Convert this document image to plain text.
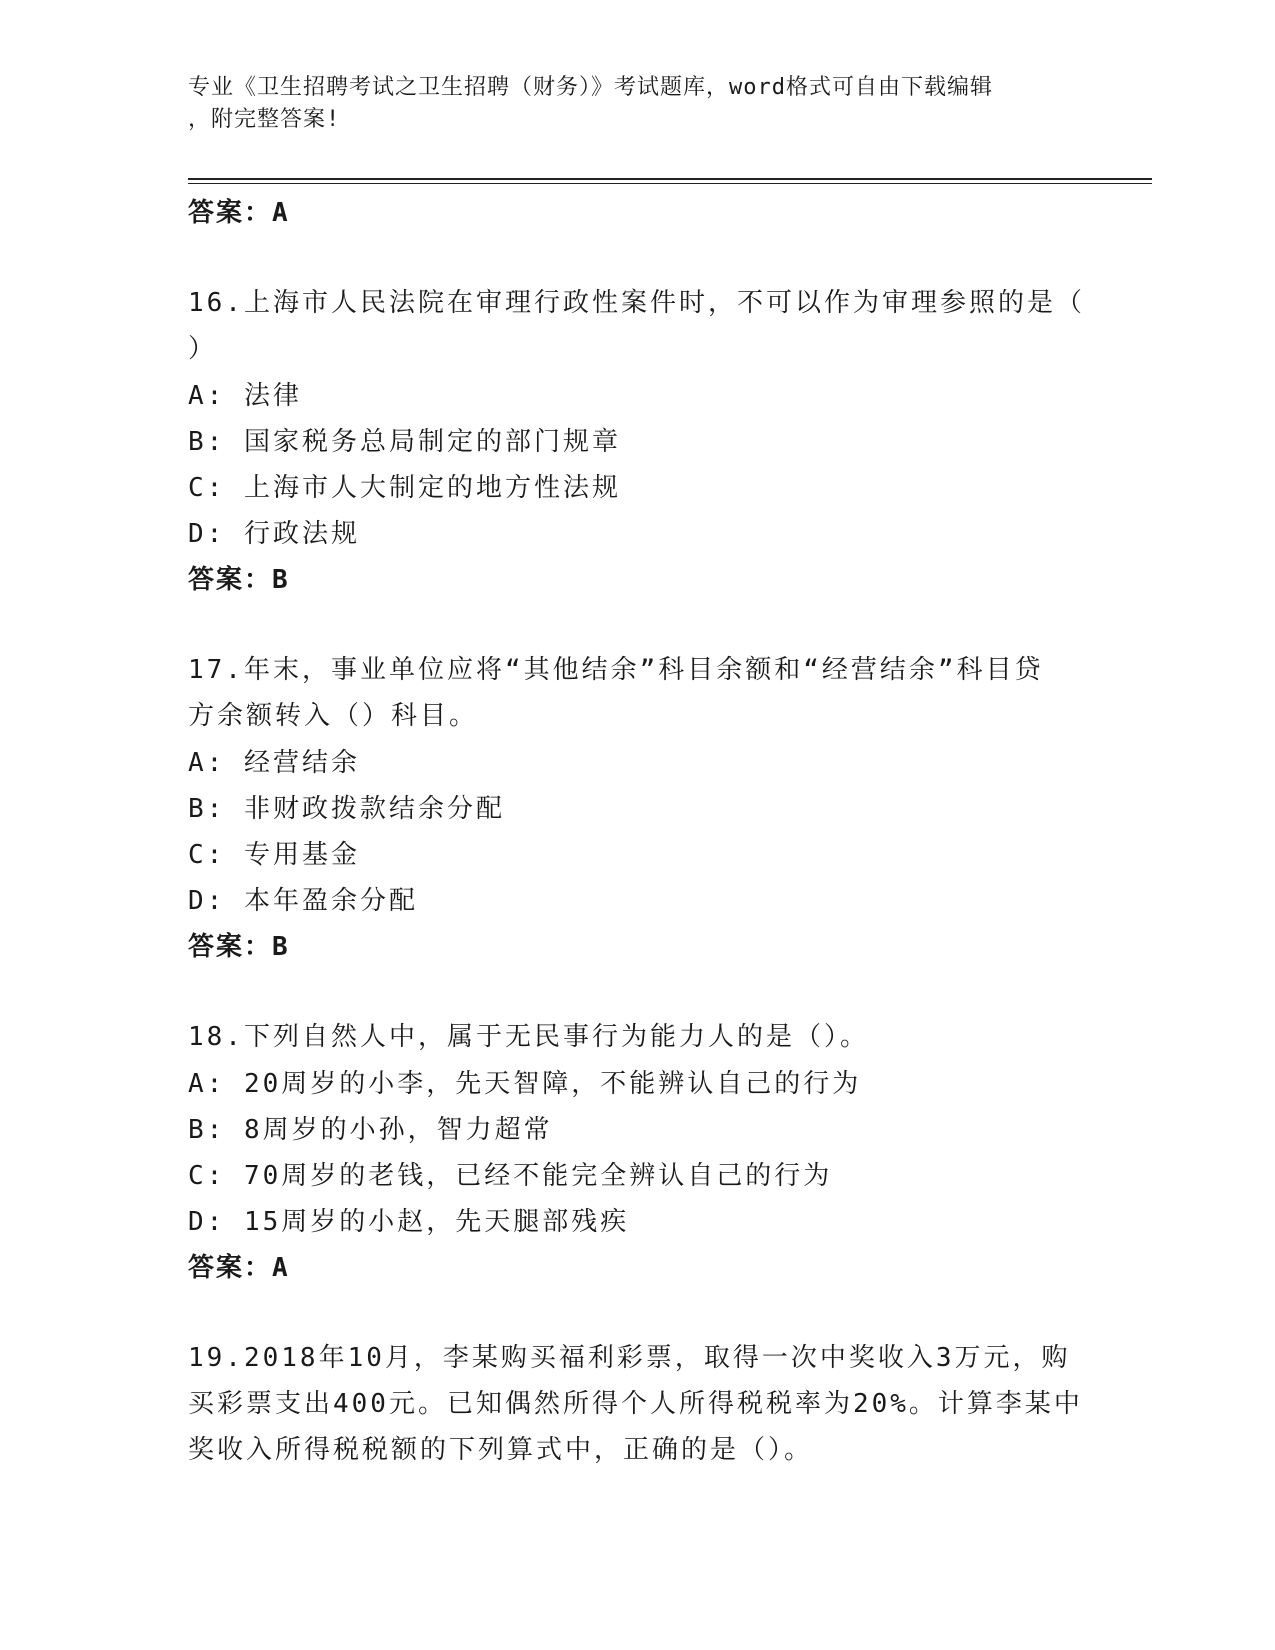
专业《卫生招聘考试之卫生招聘（财务）》考试题库，word格式可自由下载编辑
，附完整答案!
答案：A
16.上海市人民法院在审理行政性案件时，不可以作为审理参照的是（
）
A: 法律
B: 国家税务总局制定的部门规章
C: 上海市人大制定的地方性法规
D: 行政法规
答案：B
17.年末，事业单位应将“其他结余”科目余额和“经营结余”科目贷
方余额转入（）科目。
A: 经营结余
B: 非财政拨款结余分配
C: 专用基金
D: 本年盈余分配
答案：B
18.下列自然人中，属于无民事行为能力人的是（）。
A: 20周岁的小李，先天智障，不能辨认自己的行为
B: 8周岁的小孙，智力超常
C: 70周岁的老钱，已经不能完全辨认自己的行为
D: 15周岁的小赵，先天腿部残疾
答案：A
19.2018年10月，李某购买福利彩票，取得一次中奖收入3万元，购
买彩票支出400元。已知偶然所得个人所得税税率为20%。计算李某中
奖收入所得税税额的下列算式中，正确的是（）。
